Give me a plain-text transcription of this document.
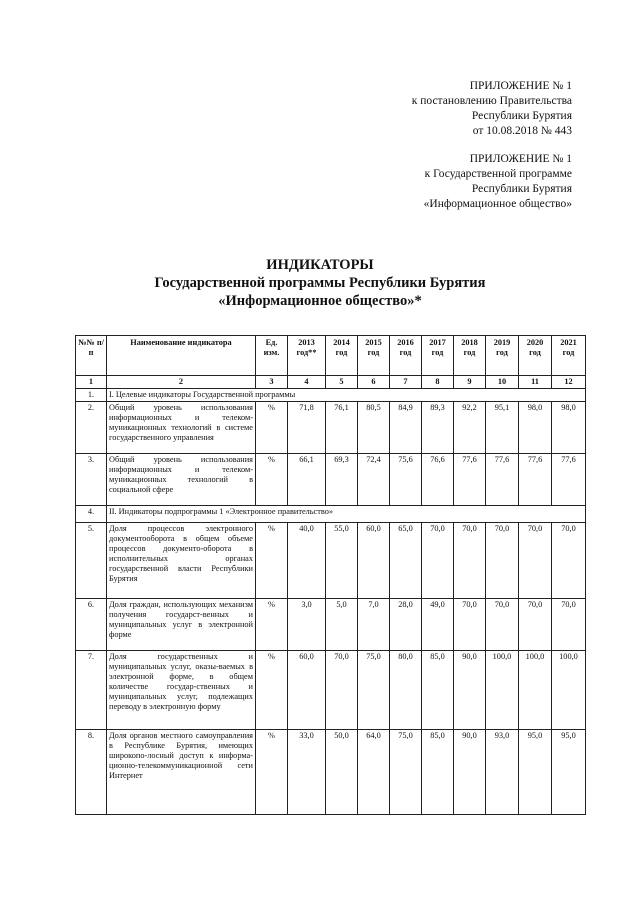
ПРИЛОЖЕНИЕ № 1
к постановлению Правительства
Республики Бурятия
от 10.08.2018 № 443
ПРИЛОЖЕНИЕ № 1
к Государственной программе
Республики Бурятия
«Информационное общество»
ИНДИКАТОРЫ
Государственной программы Республики Бурятия
«Информационное общество»*
№№ п/п	Наименование индикатора	Ед. изм.	2013 год**	2014 год	2015 год	2016 год	2017 год	2018 год	2019 год	2020 год	2021 год
1	2	3	4	5	6	7	8	9	10	11	12
1.	I. Целевые индикаторы Государственной программы										
2.	Общий уровень использования информационных и телеком-муникационных технологий в системе государственного управления	%	71,8	76,1	80,5	84,9	89,3	92,2	95,1	98,0	98,0
3.	Общий уровень использования информационных и телеком-муникационных технологий в социальной сфере	%	66,1	69,3	72,4	75,6	76,6	77,6	77,6	77,6	77,6
4.	II. Индикаторы подпрограммы 1 «Электронное правительство»										
5.	Доля процессов электронного документооборота в общем объеме процессов документо-оборота в исполнительных органах государственной власти Республики Бурятия	%	40,0	55,0	60,0	65,0	70,0	70,0	70,0	70,0	70,0
6.	Доля граждан, использующих механизм получения государст-венных и муниципальных услуг в электронной форме	%	3,0	5,0	7,0	28,0	49,0	70,0	70,0	70,0	70,0
7.	Доля государственных и муниципальных услуг, оказы-ваемых в электронной форме, в общем количестве государ-ственных и муниципальных услуг, подлежащих переводу в электронную форму	%	60,0	70,0	75,0	80,0	85,0	90,0	100,0	100,0	100,0
8.	Доля органов местного самоуправления в Республике Бурятия, имеющих широкопо-лосный доступ к информа-ционно-телекоммуникационной сети Интернет	%	33,0	50,0	64,0	75,0	85,0	90,0	93,0	95,0	95,0
